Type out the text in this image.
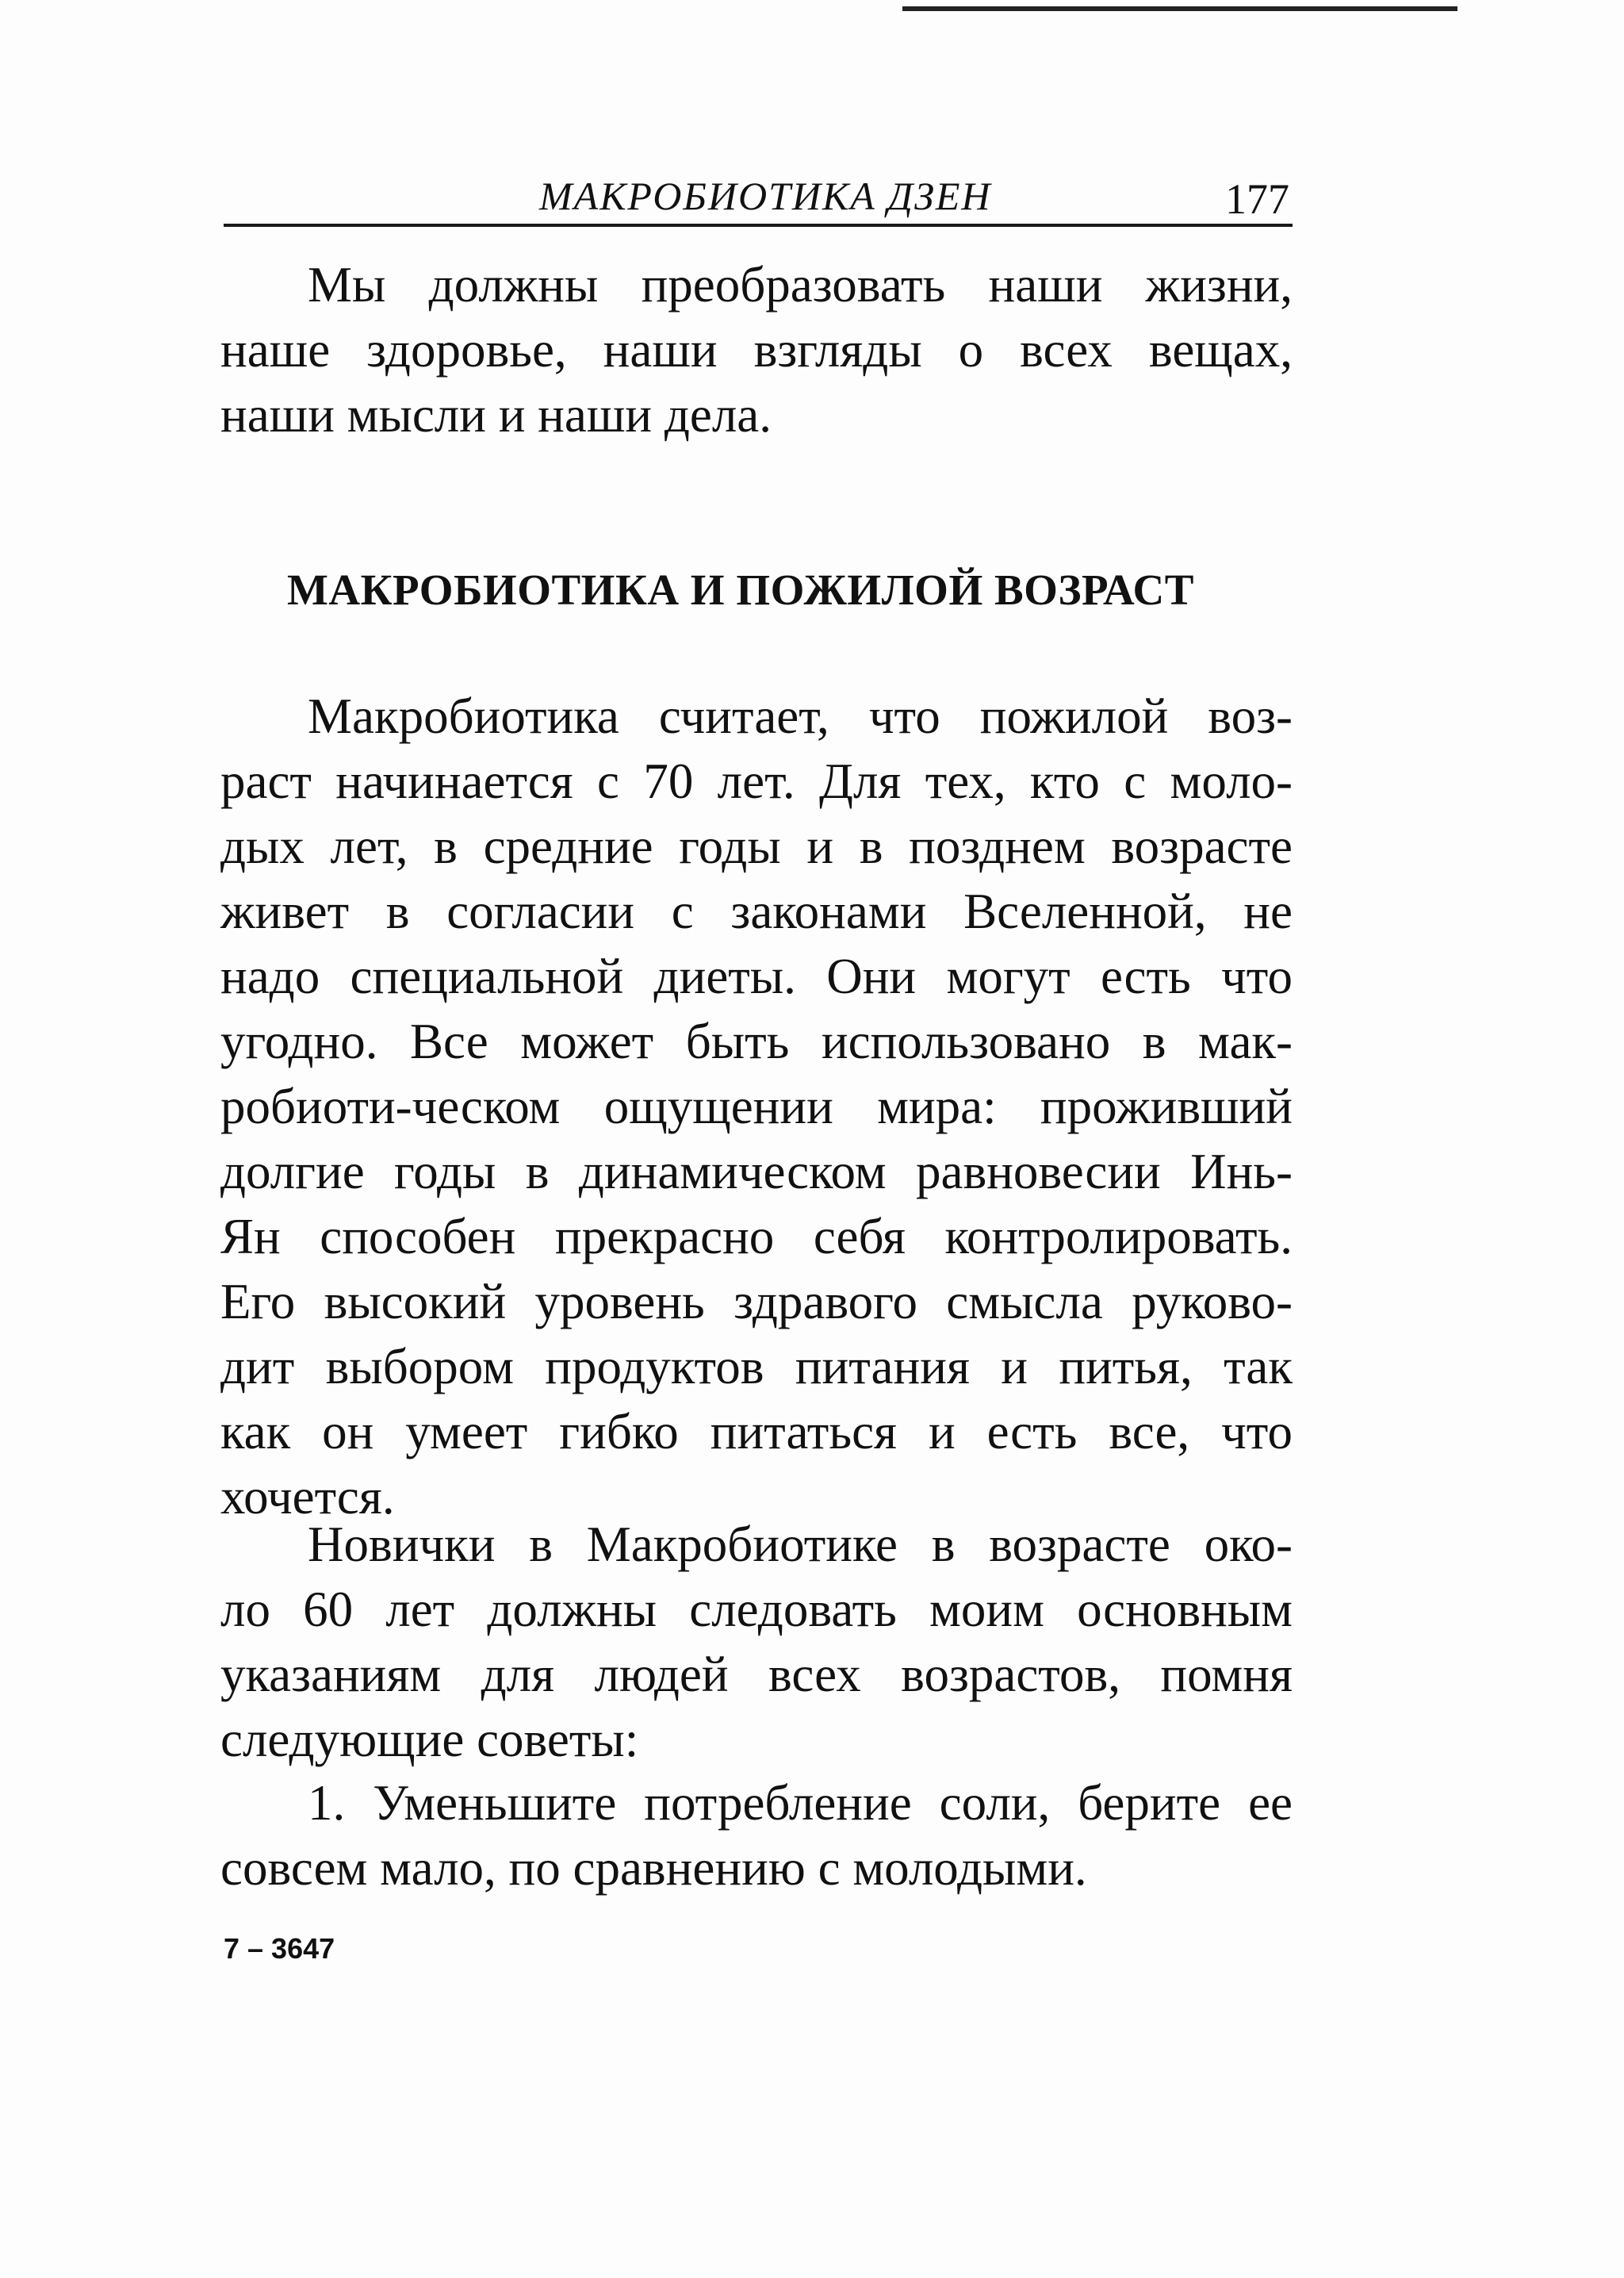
МАКРОБИОТИКА ДЗЕН	177
Мы должны преобразовать наши жизни,
наше здоровье, наши взгляды о всех вещах,
наши мысли и наши дела.
МАКРОБИОТИКА И ПОЖИЛОЙ ВОЗРАСТ
Макробиотика считает, что пожилой воз-
раст начинается с 70 лет. Для тех, кто с моло-
дых лет, в средние годы и в позднем возрасте
живет в согласии с законами Вселенной, не
надо специальной диеты. Они могут есть что
угодно. Все может быть использовано в мак-
робиоти-ческом ощущении мира: проживший
долгие годы в динамическом равновесии Инь-
Ян способен прекрасно себя контролировать.
Его высокий уровень здравого смысла руково-
дит выбором продуктов питания и питья, так
как он умеет гибко питаться и есть все, что
хочется.
Новички в Макробиотике в возрасте око-
ло 60 лет должны следовать моим основным
указаниям для людей всех возрастов, помня
следующие советы:
1. Уменьшите потребление соли, берите ее
совсем мало, по сравнению с молодыми.
7 – 3647
